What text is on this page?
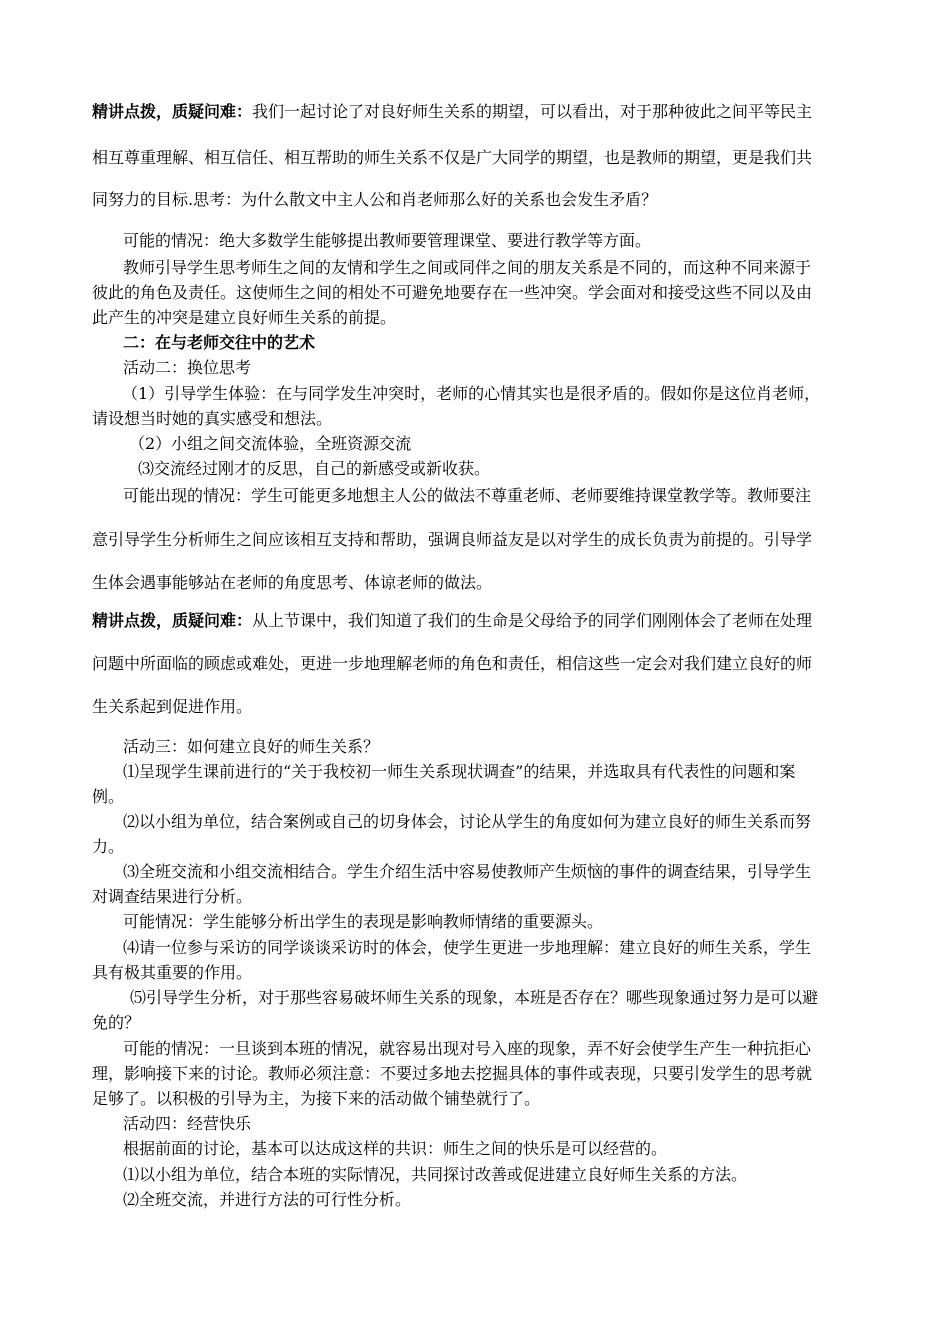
精讲点拨，质疑问难：我们一起讨论了对良好师生关系的期望，可以看出，对于那种彼此之间平等民主
相互尊重理解、相互信任、相互帮助的师生关系不仅是广大同学的期望，也是教师的期望，更是我们共
同努力的目标.思考：为什么散文中主人公和肖老师那么好的关系也会发生矛盾？
可能的情况：绝大多数学生能够提出教师要管理课堂、要进行教学等方面。
教师引导学生思考师生之间的友情和学生之间或同伴之间的朋友关系是不同的，而这种不同来源于
彼此的角色及责任。这使师生之间的相处不可避免地要存在一些冲突。学会面对和接受这些不同以及由
此产生的冲突是建立良好师生关系的前提。
二：在与老师交往中的艺术
活动二：换位思考
（1）引导学生体验：在与同学发生冲突时，老师的心情其实也是很矛盾的。假如你是这位肖老师，
请设想当时她的真实感受和想法。
（2）小组之间交流体验，全班资源交流
⑶交流经过刚才的反思，自己的新感受或新收获。
可能出现的情况：学生可能更多地想主人公的做法不尊重老师、老师要维持课堂教学等。教师要注
意引导学生分析师生之间应该相互支持和帮助，强调良师益友是以对学生的成长负责为前提的。引导学
生体会遇事能够站在老师的角度思考、体谅老师的做法。
精讲点拨，质疑问难：从上节课中，我们知道了我们的生命是父母给予的同学们刚刚体会了老师在处理
问题中所面临的顾虑或难处，更进一步地理解老师的角色和责任，相信这些一定会对我们建立良好的师
生关系起到促进作用。
活动三：如何建立良好的师生关系？
⑴呈现学生课前进行的“关于我校初一师生关系现状调查”的结果，并选取具有代表性的问题和案
例。
⑵以小组为单位，结合案例或自己的切身体会，讨论从学生的角度如何为建立良好的师生关系而努
力。
⑶全班交流和小组交流相结合。学生介绍生活中容易使教师产生烦恼的事件的调查结果，引导学生
对调查结果进行分析。
可能情况：学生能够分析出学生的表现是影响教师情绪的重要源头。
⑷请一位参与采访的同学谈谈采访时的体会，使学生更进一步地理解：建立良好的师生关系，学生
具有极其重要的作用。
⑸引导学生分析，对于那些容易破坏师生关系的现象，本班是否存在？哪些现象通过努力是可以避
免的？
可能的情况：一旦谈到本班的情况，就容易出现对号入座的现象，弄不好会使学生产生一种抗拒心
理，影响接下来的讨论。教师必须注意：不要过多地去挖掘具体的事件或表现，只要引发学生的思考就
足够了。以积极的引导为主，为接下来的活动做个铺垫就行了。
活动四：经营快乐
根据前面的讨论，基本可以达成这样的共识：师生之间的快乐是可以经营的。
⑴以小组为单位，结合本班的实际情况，共同探讨改善或促进建立良好师生关系的方法。
⑵全班交流，并进行方法的可行性分析。
